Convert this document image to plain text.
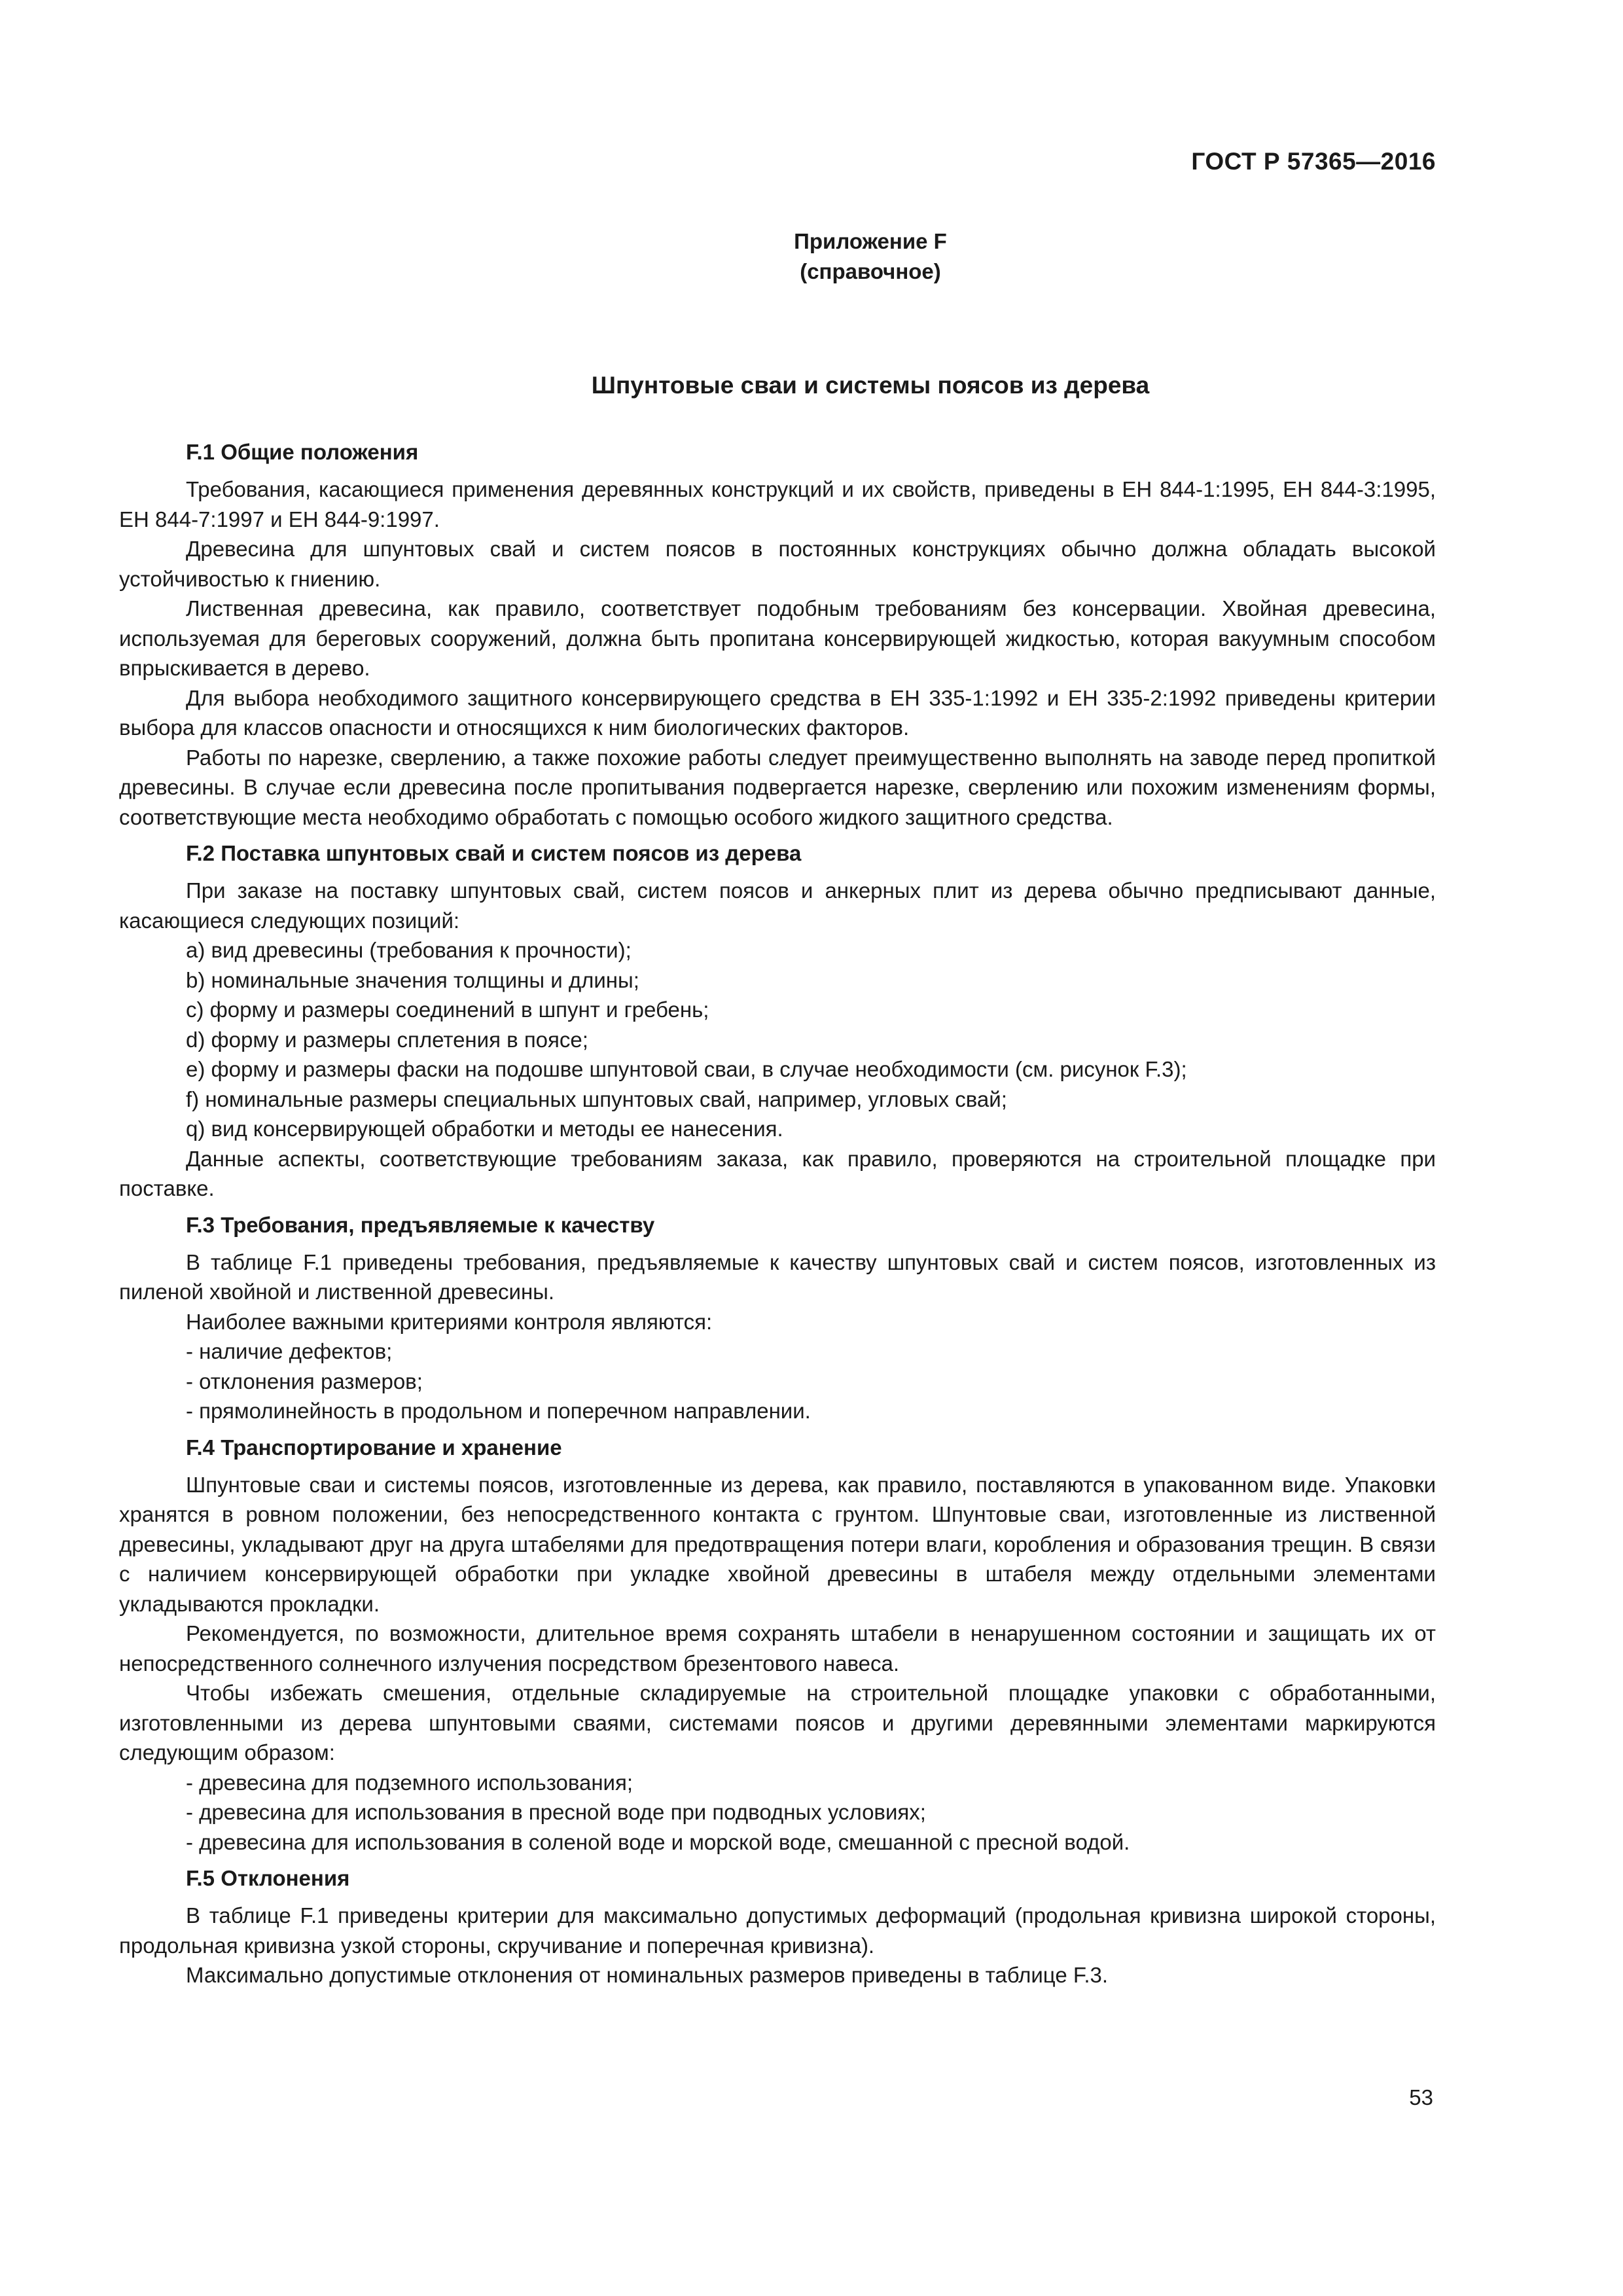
ГОСТ Р 57365—2016
Приложение F
(справочное)
Шпунтовые сваи и системы поясов из дерева
F.1 Общие положения

Требования, касающиеся применения деревянных конструкций и их свойств, приведены в ЕН 844-1:1995, ЕН 844-3:1995, ЕН 844-7:1997 и ЕН 844-9:1997.

Древесина для шпунтовых свай и систем поясов в постоянных конструкциях обычно должна обладать высокой устойчивостью к гниению.

Лиственная древесина, как правило, соответствует подобным требованиям без консервации. Хвойная древесина, используемая для береговых сооружений, должна быть пропитана консервирующей жидкостью, которая вакуумным способом впрыскивается в дерево.

Для выбора необходимого защитного консервирующего средства в ЕН 335-1:1992 и ЕН 335-2:1992 приведены критерии выбора для классов опасности и относящихся к ним биологических факторов.

Работы по нарезке, сверлению, а также похожие работы следует преимущественно выполнять на заводе перед пропиткой древесины. В случае если древесина после пропитывания подвергается нарезке, сверлению или похожим изменениям формы, соответствующие места необходимо обработать с помощью особого жидкого защитного средства.

F.2 Поставка шпунтовых свай и систем поясов из дерева

При заказе на поставку шпунтовых свай, систем поясов и анкерных плит из дерева обычно предписывают данные, касающиеся следующих позиций:

a) вид древесины (требования к прочности);

b) номинальные значения толщины и длины;

c) форму и размеры соединений в шпунт и гребень;

d) форму и размеры сплетения в поясе;

e) форму и размеры фаски на подошве шпунтовой сваи, в случае необходимости (см. рисунок F.3);

f) номинальные размеры специальных шпунтовых свай, например, угловых свай;

q) вид консервирующей обработки и методы ее нанесения.

Данные аспекты, соответствующие требованиям заказа, как правило, проверяются на строительной площадке при поставке.

F.3 Требования, предъявляемые к качеству

В таблице F.1 приведены требования, предъявляемые к качеству шпунтовых свай и систем поясов, изготовленных из пиленой хвойной и лиственной древесины.

Наиболее важными критериями контроля являются:

- наличие дефектов;

- отклонения размеров;

- прямолинейность в продольном и поперечном направлении.

F.4 Транспортирование и хранение

Шпунтовые сваи и системы поясов, изготовленные из дерева, как правило, поставляются в упакованном виде. Упаковки хранятся в ровном положении, без непосредственного контакта с грунтом. Шпунтовые сваи, изготовленные из лиственной древесины, укладывают друг на друга штабелями для предотвращения потери влаги, коробления и образования трещин. В связи с наличием консервирующей обработки при укладке хвойной древесины в штабеля между отдельными элементами укладываются прокладки.

Рекомендуется, по возможности, длительное время сохранять штабели в ненарушенном состоянии и защищать их от непосредственного солнечного излучения посредством брезентового навеса.

Чтобы избежать смешения, отдельные складируемые на строительной площадке упаковки с обработанными, изготовленными из дерева шпунтовыми сваями, системами поясов и другими деревянными элементами маркируются следующим образом:

- древесина для подземного использования;

- древесина для использования в пресной воде при подводных условиях;

- древесина для использования в соленой воде и морской воде, смешанной с пресной водой.

F.5 Отклонения

В таблице F.1 приведены критерии для максимально допустимых деформаций (продольная кривизна широкой стороны, продольная кривизна узкой стороны, скручивание и поперечная кривизна).

Максимально допустимые отклонения от номинальных размеров приведены в таблице F.3.

53
